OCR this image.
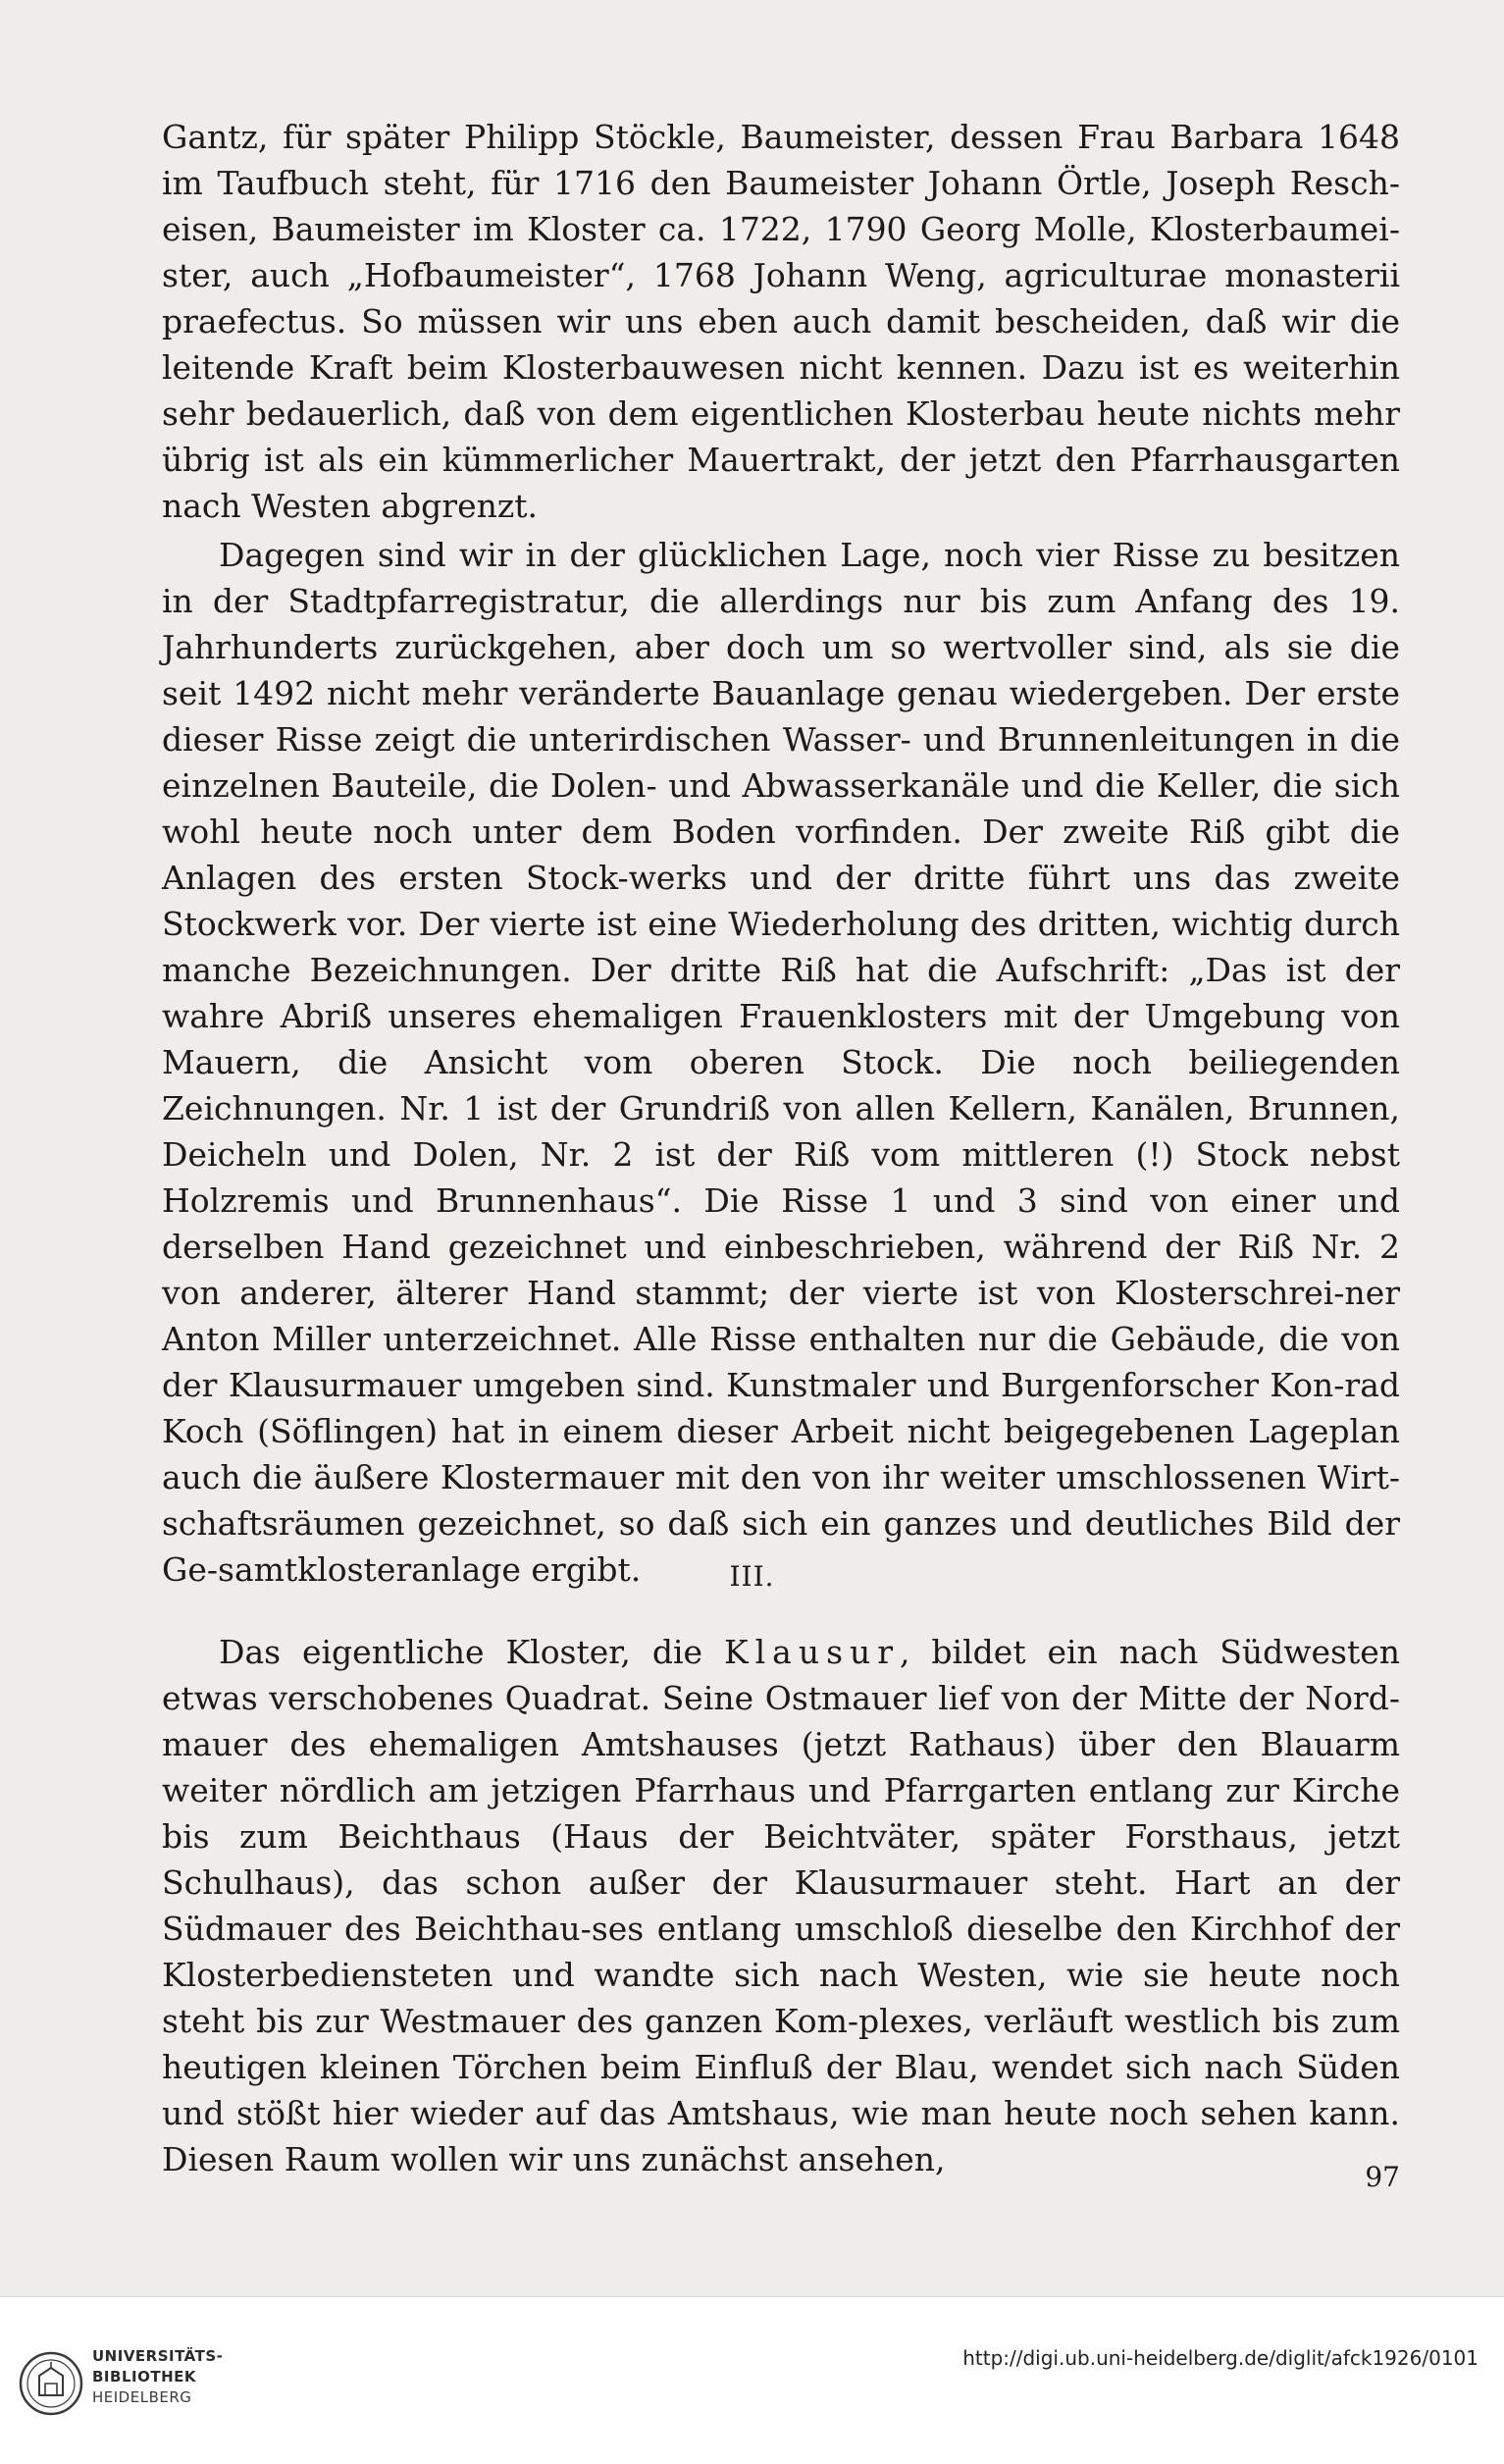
Gantz, für später Philipp Stöckle, Baumeister, dessen Frau Barbara 1648 im Taufbuch steht, für 1716 den Baumeister Johann Örtle, Joseph Resch-eisen, Baumeister im Kloster ca. 1722, 1790 Georg Molle, Klosterbaumei-ster, auch „Hofbaumeister“, 1768 Johann Weng, agriculturae monasterii praefectus. So müssen wir uns eben auch damit bescheiden, daß wir die leitende Kraft beim Klosterbauwesen nicht kennen. Dazu ist es weiterhin sehr bedauerlich, daß von dem eigentlichen Klosterbau heute nichts mehr übrig ist als ein kümmerlicher Mauertrakt, der jetzt den Pfarrhausgarten nach Westen abgrenzt.

Dagegen sind wir in der glücklichen Lage, noch vier Risse zu besitzen in der Stadtpfarregistratur, die allerdings nur bis zum Anfang des 19. Jahrhunderts zurückgehen, aber doch um so wertvoller sind, als sie die seit 1492 nicht mehr veränderte Bauanlage genau wiedergeben. Der erste dieser Risse zeigt die unterirdischen Wasser- und Brunnenleitungen in die einzelnen Bauteile, die Dolen- und Abwasserkanäle und die Keller, die sich wohl heute noch unter dem Boden vorfinden. Der zweite Riß gibt die Anlagen des ersten Stock-werks und der dritte führt uns das zweite Stockwerk vor. Der vierte ist eine Wiederholung des dritten, wichtig durch manche Bezeichnungen. Der dritte Riß hat die Aufschrift: „Das ist der wahre Abriß unseres ehemaligen Frauenklosters mit der Umgebung von Mauern, die Ansicht vom oberen Stock. Die noch beiliegenden Zeichnungen. Nr. 1 ist der Grundriß von allen Kellern, Kanälen, Brunnen, Deicheln und Dolen, Nr. 2 ist der Riß vom mittleren (!) Stock nebst Holzremis und Brunnenhaus“. Die Risse 1 und 3 sind von einer und derselben Hand gezeichnet und einbeschrieben, während der Riß Nr. 2 von anderer, älterer Hand stammt; der vierte ist von Klosterschrei-ner Anton Miller unterzeichnet. Alle Risse enthalten nur die Gebäude, die von der Klausurmauer umgeben sind. Kunstmaler und Burgenforscher Kon-rad Koch (Söflingen) hat in einem dieser Arbeit nicht beigegebenen Lageplan auch die äußere Klostermauer mit den von ihr weiter umschlossenen Wirt-schaftsräumen gezeichnet, so daß sich ein ganzes und deutliches Bild der Ge-samtklosteranlage ergibt.	III.

Das eigentliche Kloster, die Klausur, bildet ein nach Südwesten etwas verschobenes Quadrat. Seine Ostmauer lief von der Mitte der Nord-mauer des ehemaligen Amtshauses (jetzt Rathaus) über den Blauarm weiter nördlich am jetzigen Pfarrhaus und Pfarrgarten entlang zur Kirche bis zum Beichthaus (Haus der Beichtväter, später Forsthaus, jetzt Schulhaus), das schon außer der Klausurmauer steht. Hart an der Südmauer des Beichthau-ses entlang umschloß dieselbe den Kirchhof der Klosterbediensteten und wandte sich nach Westen, wie sie heute noch steht bis zur Westmauer des ganzen Kom-plexes, verläuft westlich bis zum heutigen kleinen Törchen beim Einfluß der Blau, wendet sich nach Süden und stößt hier wieder auf das Amtshaus, wie man heute noch sehen kann. Diesen Raum wollen wir uns zunächst ansehen,	97
UNIVERSITÄTS-
BIBLIOTHEK
HEIDELBERG
http://digi.ub.uni-heidelberg.de/diglit/afck1926/0101
